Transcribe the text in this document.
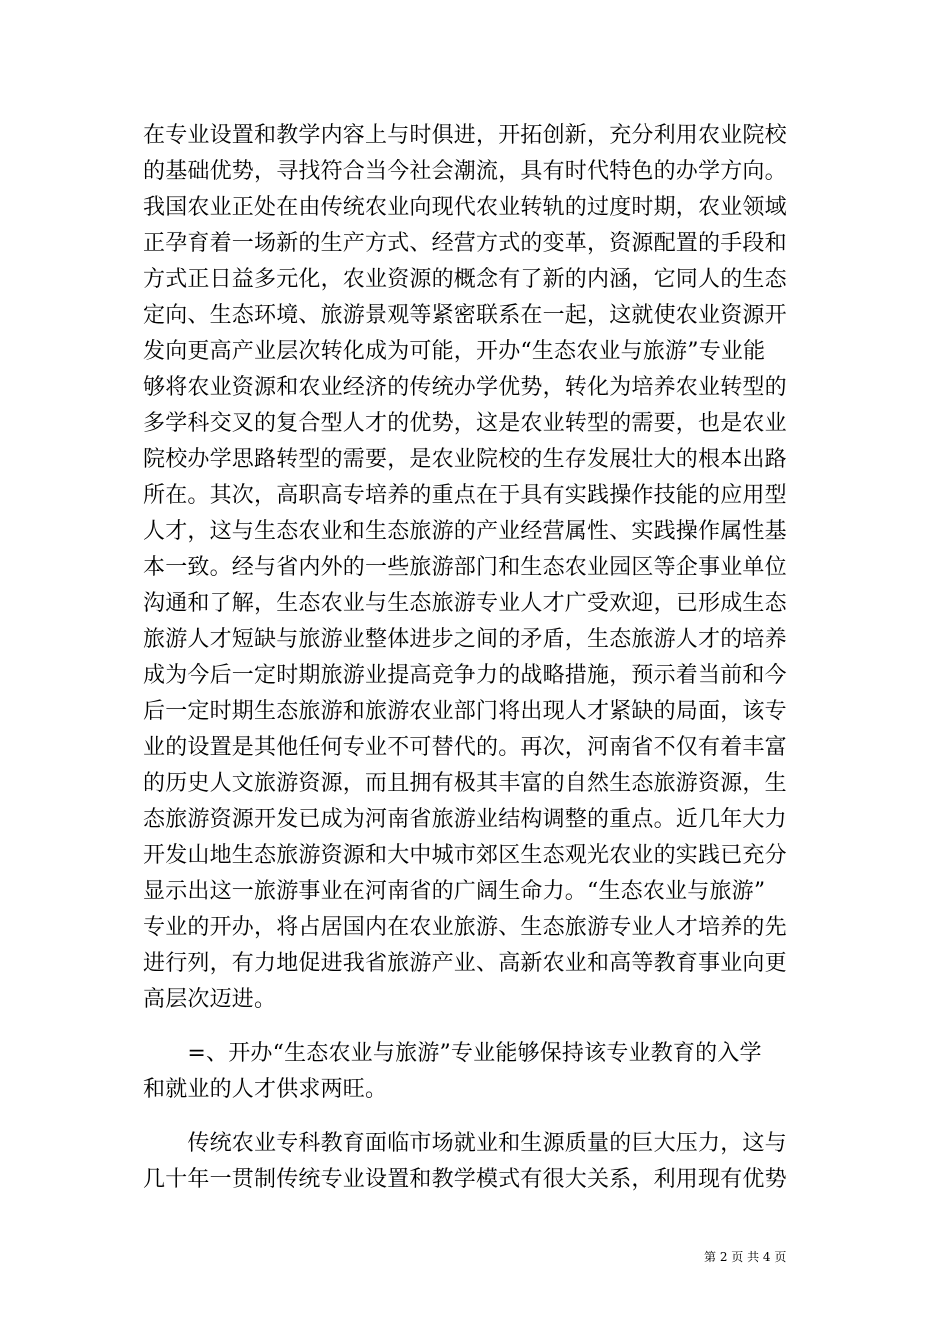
在专业设置和教学内容上与时俱进，开拓创新，充分利用农业院校
的基础优势，寻找符合当今社会潮流，具有时代特色的办学方向。
我国农业正处在由传统农业向现代农业转轨的过度时期，农业领域
正孕育着一场新的生产方式、经营方式的变革，资源配置的手段和
方式正日益多元化，农业资源的概念有了新的内涵，它同人的生态
定向、生态环境、旅游景观等紧密联系在一起，这就使农业资源开
发向更高产业层次转化成为可能，开办“生态农业与旅游”专业能
够将农业资源和农业经济的传统办学优势，转化为培养农业转型的
多学科交叉的复合型人才的优势，这是农业转型的需要，也是农业
院校办学思路转型的需要，是农业院校的生存发展壮大的根本出路
所在。其次，高职高专培养的重点在于具有实践操作技能的应用型
人才，这与生态农业和生态旅游的产业经营属性、实践操作属性基
本一致。经与省内外的一些旅游部门和生态农业园区等企事业单位
沟通和了解，生态农业与生态旅游专业人才广受欢迎，已形成生态
旅游人才短缺与旅游业整体进步之间的矛盾，生态旅游人才的培养
成为今后一定时期旅游业提高竞争力的战略措施，预示着当前和今
后一定时期生态旅游和旅游农业部门将出现人才紧缺的局面，该专
业的设置是其他任何专业不可替代的。再次，河南省不仅有着丰富
的历史人文旅游资源，而且拥有极其丰富的自然生态旅游资源，生
态旅游资源开发已成为河南省旅游业结构调整的重点。近几年大力
开发山地生态旅游资源和大中城市郊区生态观光农业的实践已充分
显示出这一旅游事业在河南省的广阔生命力。“生态农业与旅游”
专业的开办，将占居国内在农业旅游、生态旅游专业人才培养的先
进行列，有力地促进我省旅游产业、高新农业和高等教育事业向更
高层次迈进。
　　=、开办“生态农业与旅游”专业能够保持该专业教育的入学
和就业的人才供求两旺。
　　传统农业专科教育面临市场就业和生源质量的巨大压力，这与
几十年一贯制传统专业设置和教学模式有很大关系，利用现有优势
第 2 页 共 4 页
